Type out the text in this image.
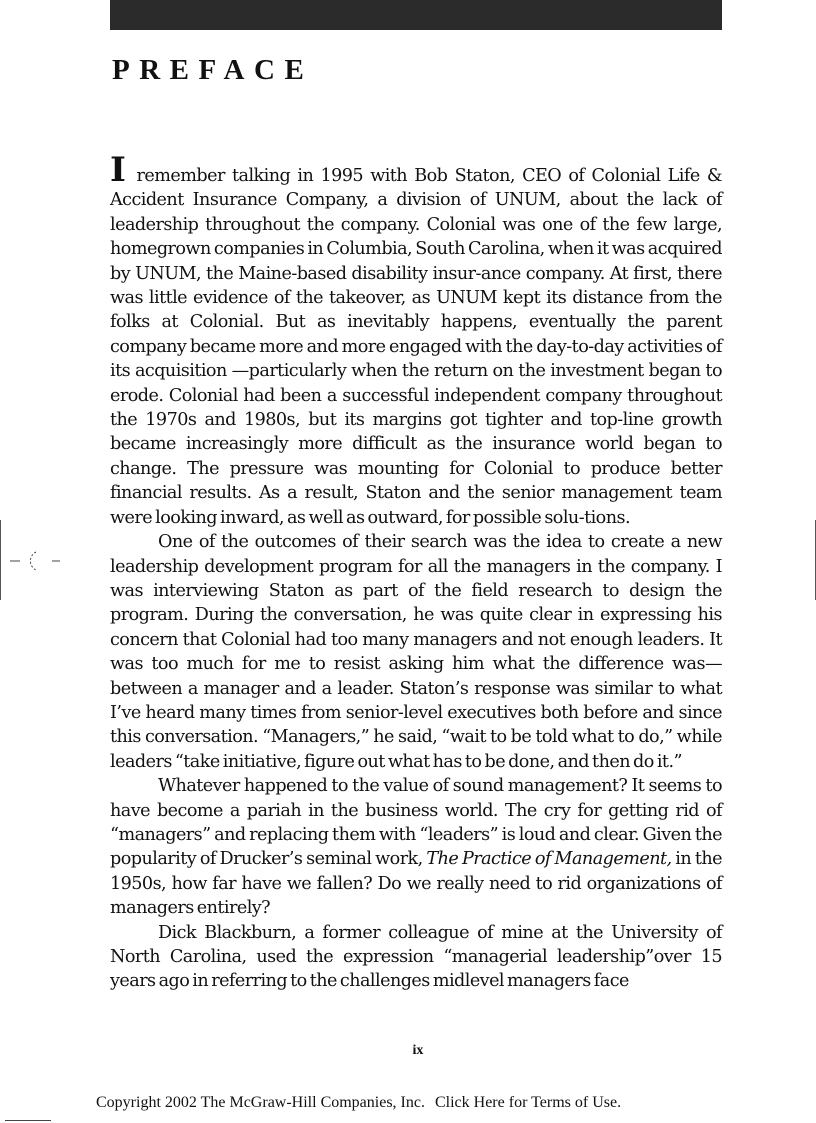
PREFACE

I remember talking in 1995 with Bob Staton, CEO of Colonial Life & Accident Insurance Company, a division of UNUM, about the lack of leadership throughout the company. Colonial was one of the few large, homegrown companies in Columbia, South Carolina, when it was acquired by UNUM, the Maine-based disability insur-ance company. At first, there was little evidence of the takeover, as UNUM kept its distance from the folks at Colonial. But as inevitably happens, eventually the parent company became more and more engaged with the day-to-day activities of its acquisition —particularly when the return on the investment began to erode. Colonial had been a successful independent company throughout the 1970s and 1980s, but its margins got tighter and top-line growth became increasingly more difficult as the insurance world began to change. The pressure was mounting for Colonial to produce better financial results. As a result, Staton and the senior management team were looking inward, as well as outward, for possible solu-tions.

One of the outcomes of their search was the idea to create a new leadership development program for all the managers in the company. I was interviewing Staton as part of the field research to design the program. During the conversation, he was quite clear in expressing his concern that Colonial had too many managers and not enough leaders. It was too much for me to resist asking him what the difference was—between a manager and a leader. Staton’s response was similar to what I’ve heard many times from senior-level executives both before and since this conversation. “Managers,” he said, “wait to be told what to do,” while leaders “take initiative, figure out what has to be done, and then do it.”

Whatever happened to the value of sound management? It seems to have become a pariah in the business world. The cry for getting rid of “managers” and replacing them with “leaders” is loud and clear. Given the popularity of Drucker’s seminal work, The Practice of Management, in the 1950s, how far have we fallen? Do we really need to rid organizations of managers entirely?

Dick Blackburn, a former colleague of mine at the University of North Carolina, used the expression “managerial leadership”over 15 years ago in referring to the challenges midlevel managers face

ix
Copyright 2002 The McGraw-Hill Companies, Inc. Click Here for Terms of Use.
